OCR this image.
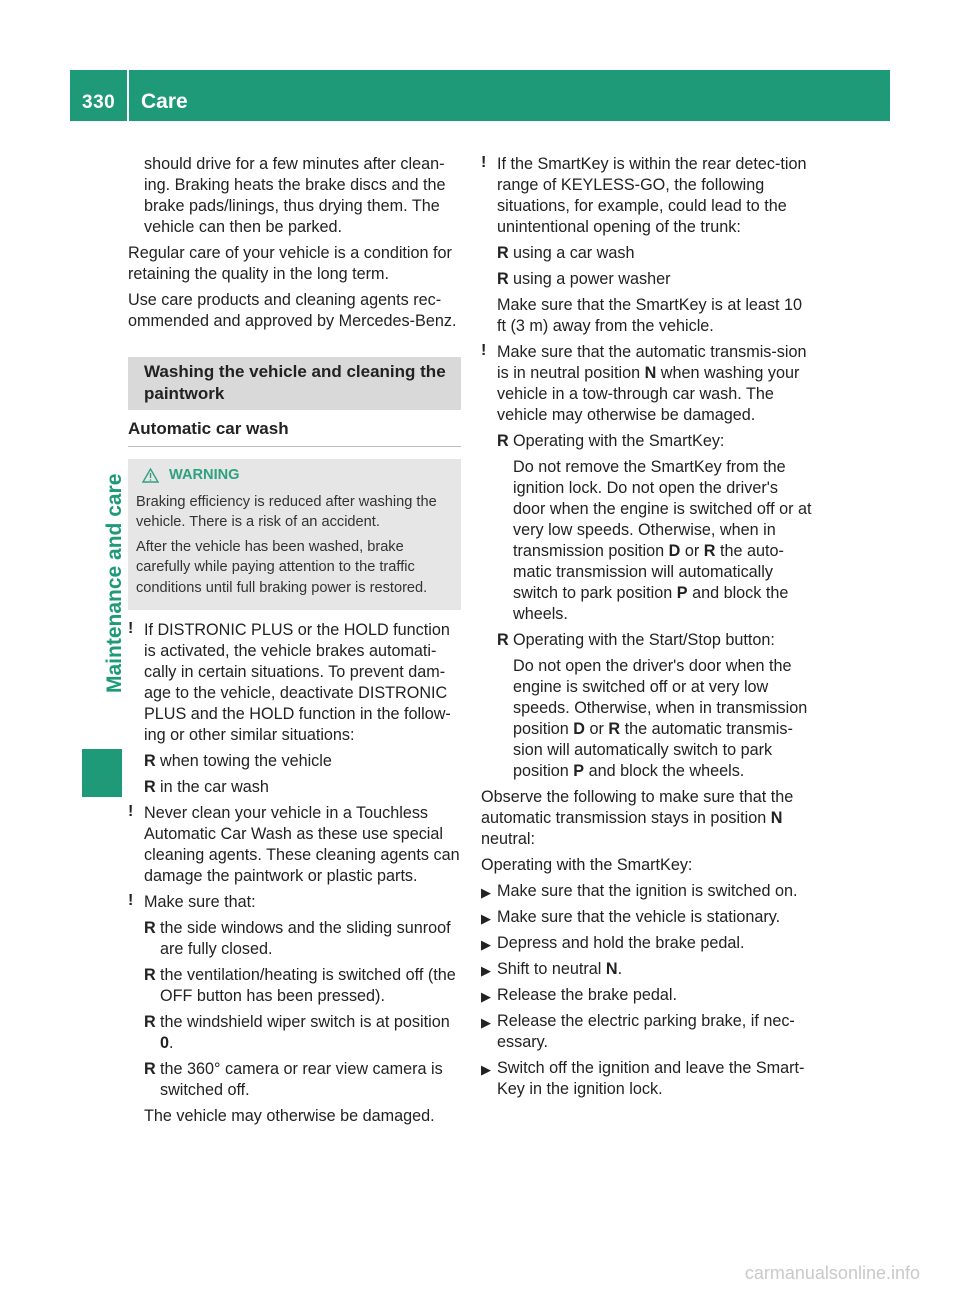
330 Care
Maintenance and care

should drive for a few minutes after clean-ing. Braking heats the brake discs and the brake pads/linings, thus drying them. The vehicle can then be parked.

Regular care of your vehicle is a condition for retaining the quality in the long term.

Use care products and cleaning agents rec-ommended and approved by Mercedes-Benz.

Washing the vehicle and cleaning the paintwork
Automatic car wash
WARNING

Braking efficiency is reduced after washing the vehicle. There is a risk of an accident.

After the vehicle has been washed, brake carefully while paying attention to the traffic conditions until full braking power is restored.

! If DISTRONIC PLUS or the HOLD function is activated, the vehicle brakes automati-cally in certain situations. To prevent dam-age to the vehicle, deactivate DISTRONIC PLUS and the HOLD function in the follow-ing or other similar situations:
R when towing the vehicle
R in the car wash
! Never clean your vehicle in a Touchless Automatic Car Wash as these use special cleaning agents. These cleaning agents can damage the paintwork or plastic parts.
! Make sure that:
R the side windows and the sliding sunroof are fully closed.
R the ventilation/heating is switched off (the OFF button has been pressed).
R the windshield wiper switch is at position 0.
R the 360° camera or rear view camera is switched off.

The vehicle may otherwise be damaged.

! If the SmartKey is within the rear detec-tion range of KEYLESS-GO, the following situations, for example, could lead to the unintentional opening of the trunk:
R using a car wash
R using a power washer

Make sure that the SmartKey is at least 10 ft (3 m) away from the vehicle.

! Make sure that the automatic transmis-sion is in neutral position N when washing your vehicle in a tow-through car wash. The vehicle may otherwise be damaged.
R Operating with the SmartKey:
Do not remove the SmartKey from the ignition lock. Do not open the driver's door when the engine is switched off or at very low speeds. Otherwise, when in transmission position D or R the auto-matic transmission will automatically switch to park position P and block the wheels.
R Operating with the Start/Stop button:
Do not open the driver's door when the engine is switched off or at very low speeds. Otherwise, when in transmission position D or R the automatic transmis-sion will automatically switch to park position P and block the wheels.

Observe the following to make sure that the automatic transmission stays in position N
neutral:

Operating with the SmartKey:

▶ Make sure that the ignition is switched on.
▶ Make sure that the vehicle is stationary.
▶ Depress and hold the brake pedal.
▶ Shift to neutral N.
▶ Release the brake pedal.
▶ Release the electric parking brake, if nec-essary.
▶ Switch off the ignition and leave the Smart-Key in the ignition lock.
carmanualsonline.info
